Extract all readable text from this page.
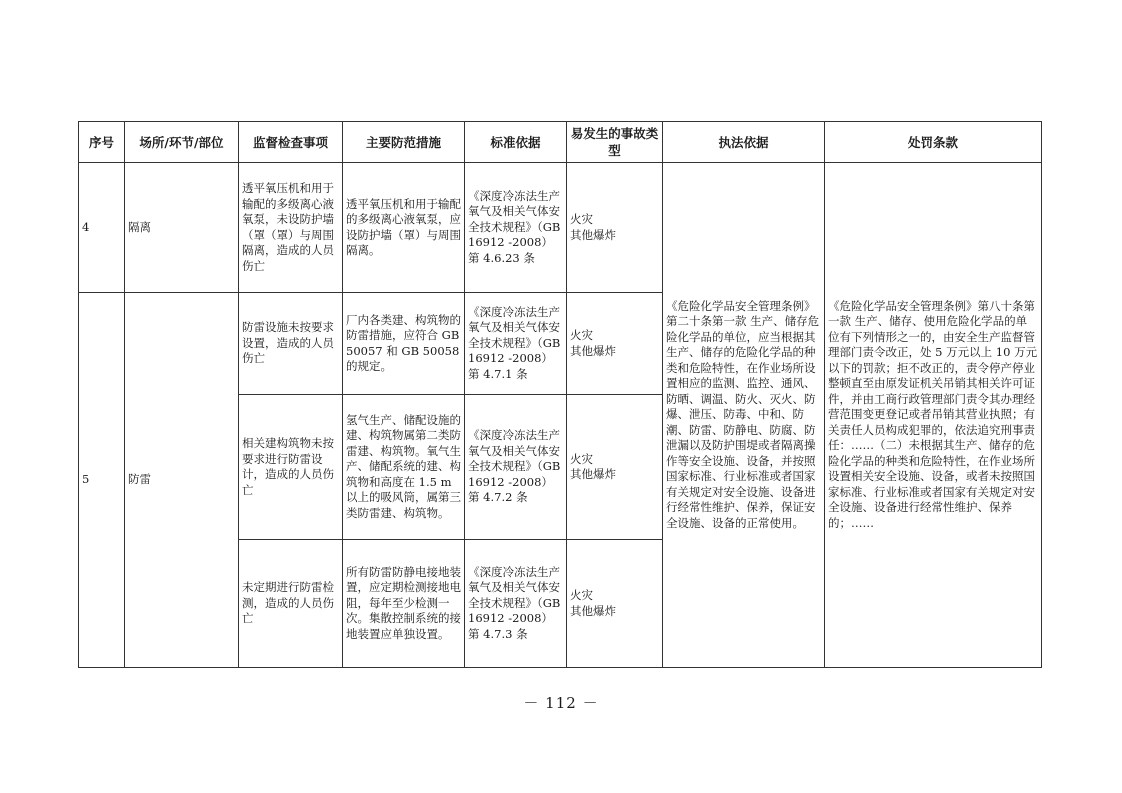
序号	场所/环节/部位	监督检查事项	主要防范措施	标准依据	易发生的事故类型	执法依据	处罚条款
4	隔离	透平氧压机和用于输配的多级离心液氧泵，未设防护墙（罩（罩）与周围隔离，造成的人员伤亡	透平氧压机和用于输配的多级离心液氧泵，应设防护墙（罩）与周围隔离。	《深度冷冻法生产氧气及相关气体安全技术规程》（GB 16912 -2008）第 4.6.23 条	火灾
其他爆炸	《危险化学品安全管理条例》第二十条第一款 生产、储存危险化学品的单位，应当根据其生产、储存的危险化学品的种类和危险特性，在作业场所设置相应的监测、监控、通风、防晒、调温、防火、灭火、防爆、泄压、防毒、中和、防潮、防雷、防静电、防腐、防泄漏以及防护围堤或者隔离操作等安全设施、设备，并按照国家标准、行业标准或者国家有关规定对安全设施、设备进行经常性维护、保养，保证安全设施、设备的正常使用。	《危险化学品安全管理条例》第八十条第一款 生产、储存、使用危险化学品的单位有下列情形之一的，由安全生产监督管理部门责令改正，处 5 万元以上 10 万元以下的罚款；拒不改正的，责令停产停业整顿直至由原发证机关吊销其相关许可证件，并由工商行政管理部门责令其办理经营范围变更登记或者吊销其营业执照；有关责任人员构成犯罪的，依法追究刑事责任：……（二）未根据其生产、储存的危险化学品的种类和危险特性，在作业场所设置相关安全设施、设备，或者未按照国家标准、行业标准或者国家有关规定对安全设施、设备进行经常性维护、保养的；……
5	防雷	防雷设施未按要求设置，造成的人员伤亡	厂内各类建、构筑物的防雷措施，应符合 GB 50057 和 GB 50058 的规定。	《深度冷冻法生产氧气及相关气体安全技术规程》（GB 16912 -2008）第 4.7.1 条	火灾
其他爆炸		
		相关建构筑物未按要求进行防雷设计，造成的人员伤亡	氢气生产、储配设施的建、构筑物属第二类防雷建、构筑物。氧气生产、储配系统的建、构筑物和高度在 1.5 m以上的吸风筒，属第三类防雷建、构筑物。	《深度冷冻法生产氧气及相关气体安全技术规程》（GB 16912 -2008）第 4.7.2 条	火灾
其他爆炸		
		未定期进行防雷检测，造成的人员伤亡	所有防雷防静电接地装置，应定期检测接地电阻，每年至少检测一次。集散控制系统的接地装置应单独设置。	《深度冷冻法生产氧气及相关气体安全技术规程》（GB 16912 -2008）第 4.7.3 条	火灾
其他爆炸		
－ 112 －
